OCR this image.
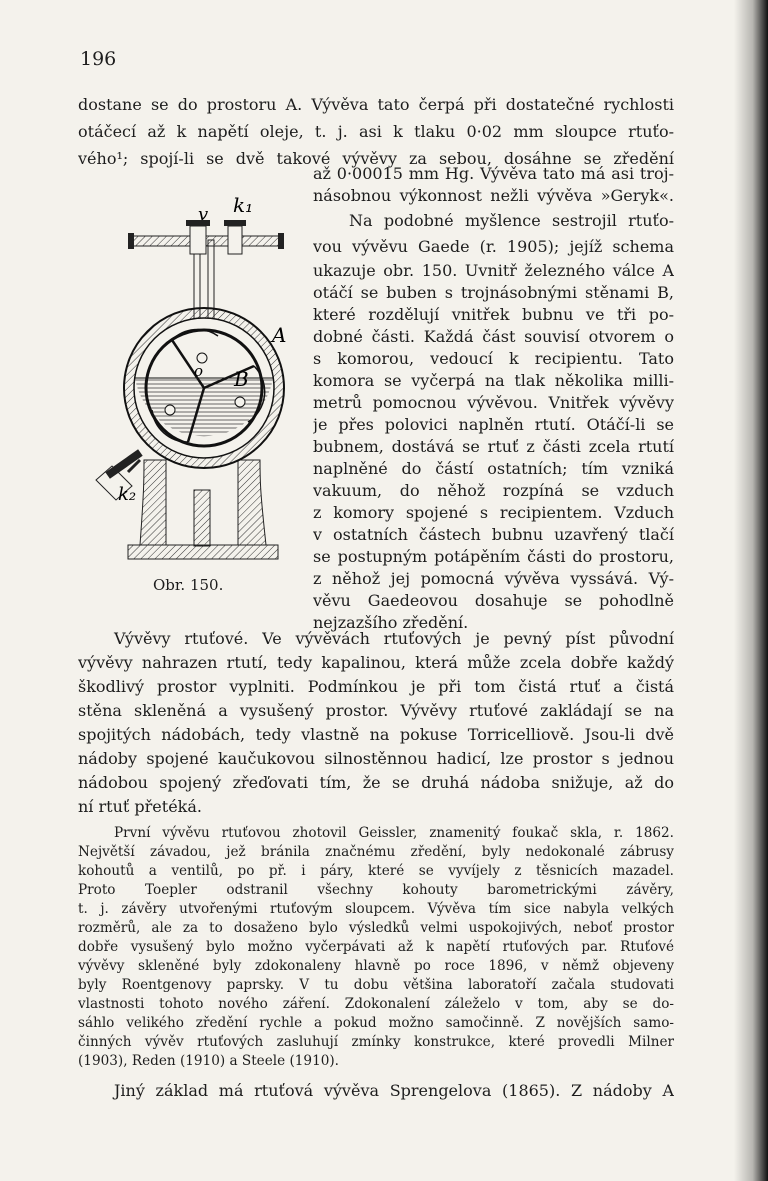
196
dostane se do prostoru A. Vývěva tato čerpá při dostatečné rychlosti
otáčecí až k napětí oleje, t. j. asi k tlaku 0·02 mm sloupce rtuťo-
vého¹; spojí-li se dvě takové vývěvy za sebou, dosáhne se zředění
až 0·00015 mm Hg. Vývěva tato má asi troj-
násobnou výkonnost nežli vývěva »Geryk«.
Na podobné myšlence sestrojil rtuťo-
vou vývěvu Gaede (r. 1905); jejíž schema
ukazuje obr. 150. Uvnitř železného válce A
otáčí se buben s trojnásobnými stěnami B,
které rozdělují vnitřek bubnu ve tři po-
dobné části. Každá část souvisí otvorem o
s komorou, vedoucí k recipientu. Tato
komora se vyčerpá na tlak několika milli-
metrů pomocnou vývěvou. Vnitřek vývěvy
je přes polovici naplněn rtutí. Otáčí-li se
bubnem, dostává se rtuť z části zcela rtutí
naplněné do částí ostatních; tím vzniká
vakuum, do něhož rozpíná se vzduch
z komory spojené s recipientem. Vzduch
v ostatních částech bubnu uzavřený tlačí
se postupným potápěním části do prostoru,
z něhož jej pomocná vývěva vyssává. Vý-
věvu Gaedeovou dosahuje se pohodlně
nejzazšího zředění.
v k₁
A
o B
k₂
Obr. 150.
Vývěvy rtuťové. Ve vývěvách rtuťových je pevný píst původní
vývěvy nahrazen rtutí, tedy kapalinou, která může zcela dobře každý
škodlivý prostor vyplniti. Podmínkou je při tom čistá rtuť a čistá
stěna skleněná a vysušený prostor. Vývěvy rtuťové zakládají se na
spojitých nádobách, tedy vlastně na pokuse Torricelliově. Jsou-li dvě
nádoby spojené kaučukovou silnostěnnou hadicí, lze prostor s jednou
nádobou spojený zřeďovati tím, že se druhá nádoba snižuje, až do
ní rtuť přetéká.
První vývěvu rtuťovou zhotovil Geissler, znamenitý foukač skla, r. 1862.
Největší závadou, jež bránila značnému zředění, byly nedokonalé zábrusy
kohoutů a ventilů, po př. i páry, které se vyvíjely z těsnicích mazadel.
Proto Toepler odstranil všechny kohouty barometrickými závěry,
t. j. závěry utvořenými rtuťovým sloupcem. Vývěva tím sice nabyla velkých
rozměrů, ale za to dosaženo bylo výsledků velmi uspokojivých, neboť prostor
dobře vysušený bylo možno vyčerpávati až k napětí rtuťových par. Rtuťové
vývěvy skleněné byly zdokonaleny hlavně po roce 1896, v němž objeveny
byly Roentgenovy paprsky. V tu dobu většina laboratoří začala studovati
vlastnosti tohoto nového záření. Zdokonalení záleželo v tom, aby se do-
sáhlo velikého zředění rychle a pokud možno samočinně. Z novějších samo-
činných vývěv rtuťových zasluhují zmínky konstrukce, které provedli Milner
(1903), Reden (1910) a Steele (1910).
Jiný základ má rtuťová vývěva Sprengelova (1865). Z nádoby A
